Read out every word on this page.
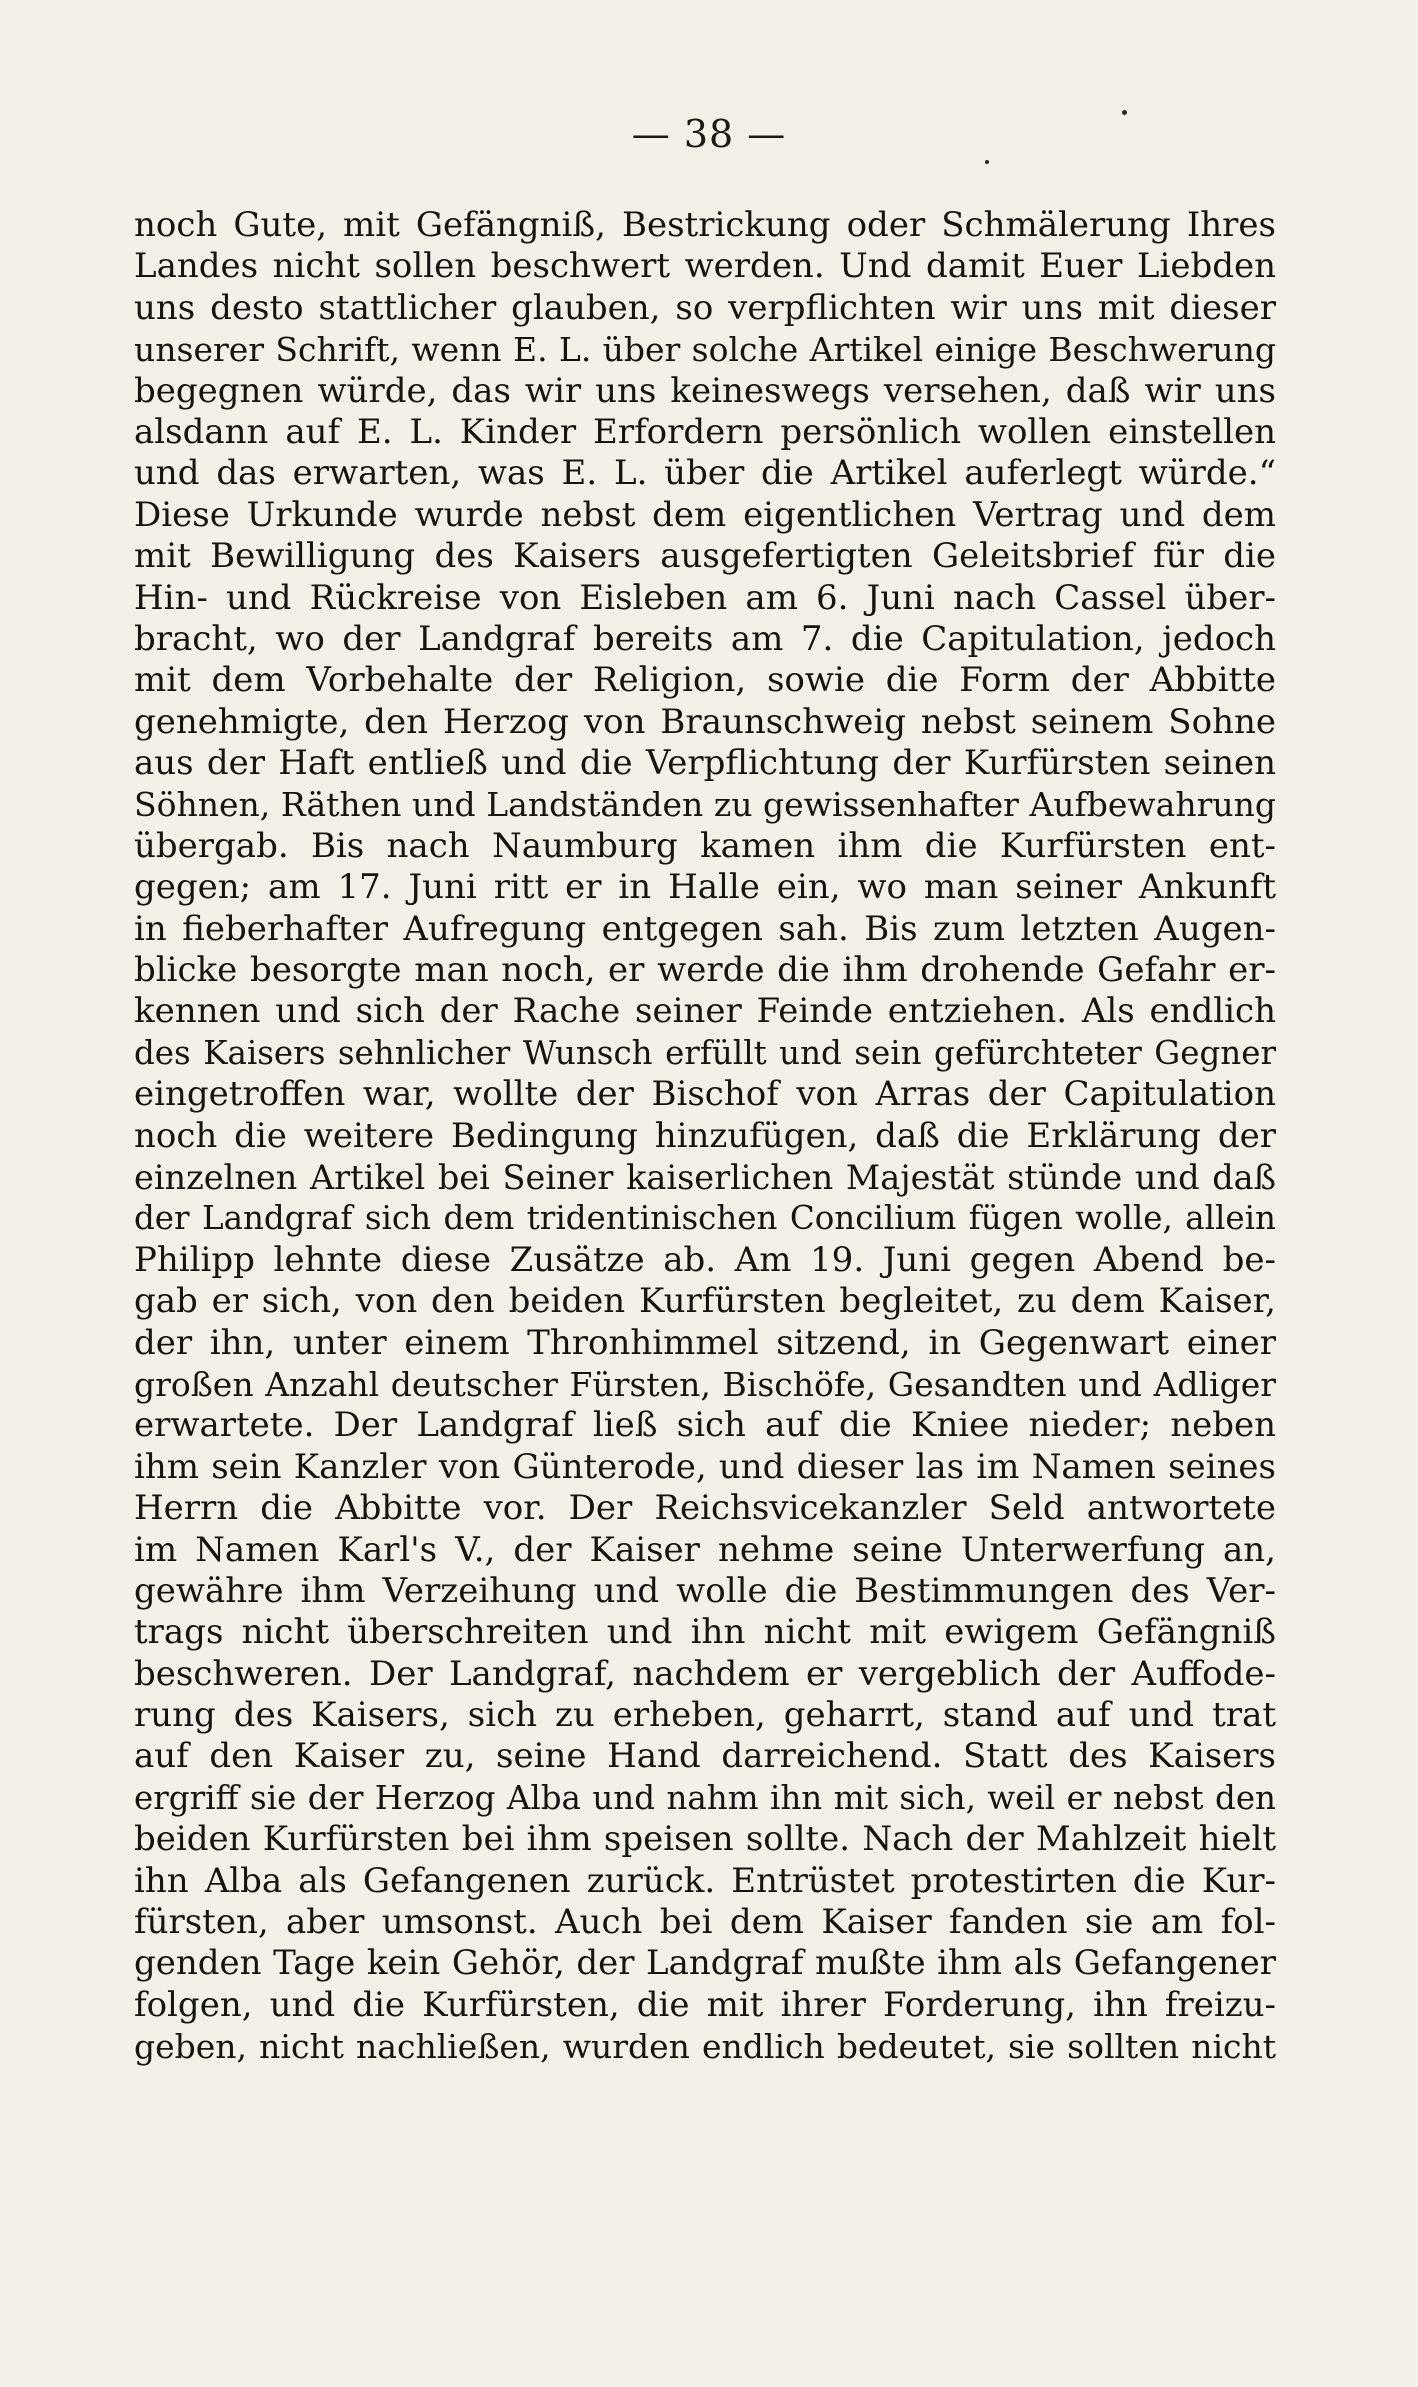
— 38 —
noch Gute, mit Gefängniß, Bestrickung oder Schmälerung Ihres
Landes nicht sollen beschwert werden. Und damit Euer Liebden
uns desto stattlicher glauben, so verpflichten wir uns mit dieser
unserer Schrift, wenn E. L. über solche Artikel einige Beschwerung
begegnen würde, das wir uns keineswegs versehen, daß wir uns
alsdann auf E. L. Kinder Erfordern persönlich wollen einstellen
und das erwarten, was E. L. über die Artikel auferlegt würde.“
Diese Urkunde wurde nebst dem eigentlichen Vertrag und dem
mit Bewilligung des Kaisers ausgefertigten Geleitsbrief für die
Hin- und Rückreise von Eisleben am 6. Juni nach Cassel über-
bracht, wo der Landgraf bereits am 7. die Capitulation, jedoch
mit dem Vorbehalte der Religion, sowie die Form der Abbitte
genehmigte, den Herzog von Braunschweig nebst seinem Sohne
aus der Haft entließ und die Verpflichtung der Kurfürsten seinen
Söhnen, Räthen und Landständen zu gewissenhafter Aufbewahrung
übergab. Bis nach Naumburg kamen ihm die Kurfürsten ent-
gegen; am 17. Juni ritt er in Halle ein, wo man seiner Ankunft
in fieberhafter Aufregung entgegen sah. Bis zum letzten Augen-
blicke besorgte man noch, er werde die ihm drohende Gefahr er-
kennen und sich der Rache seiner Feinde entziehen. Als endlich
des Kaisers sehnlicher Wunsch erfüllt und sein gefürchteter Gegner
eingetroffen war, wollte der Bischof von Arras der Capitulation
noch die weitere Bedingung hinzufügen, daß die Erklärung der
einzelnen Artikel bei Seiner kaiserlichen Majestät stünde und daß
der Landgraf sich dem tridentinischen Concilium fügen wolle, allein
Philipp lehnte diese Zusätze ab. Am 19. Juni gegen Abend be-
gab er sich, von den beiden Kurfürsten begleitet, zu dem Kaiser,
der ihn, unter einem Thronhimmel sitzend, in Gegenwart einer
großen Anzahl deutscher Fürsten, Bischöfe, Gesandten und Adliger
erwartete. Der Landgraf ließ sich auf die Kniee nieder; neben
ihm sein Kanzler von Günterode, und dieser las im Namen seines
Herrn die Abbitte vor. Der Reichsvicekanzler Seld antwortete
im Namen Karl's V., der Kaiser nehme seine Unterwerfung an,
gewähre ihm Verzeihung und wolle die Bestimmungen des Ver-
trags nicht überschreiten und ihn nicht mit ewigem Gefängniß
beschweren. Der Landgraf, nachdem er vergeblich der Auffode-
rung des Kaisers, sich zu erheben, geharrt, stand auf und trat
auf den Kaiser zu, seine Hand darreichend. Statt des Kaisers
ergriff sie der Herzog Alba und nahm ihn mit sich, weil er nebst den
beiden Kurfürsten bei ihm speisen sollte. Nach der Mahlzeit hielt
ihn Alba als Gefangenen zurück. Entrüstet protestirten die Kur-
fürsten, aber umsonst. Auch bei dem Kaiser fanden sie am fol-
genden Tage kein Gehör, der Landgraf mußte ihm als Gefangener
folgen, und die Kurfürsten, die mit ihrer Forderung, ihn freizu-
geben, nicht nachließen, wurden endlich bedeutet, sie sollten nicht
